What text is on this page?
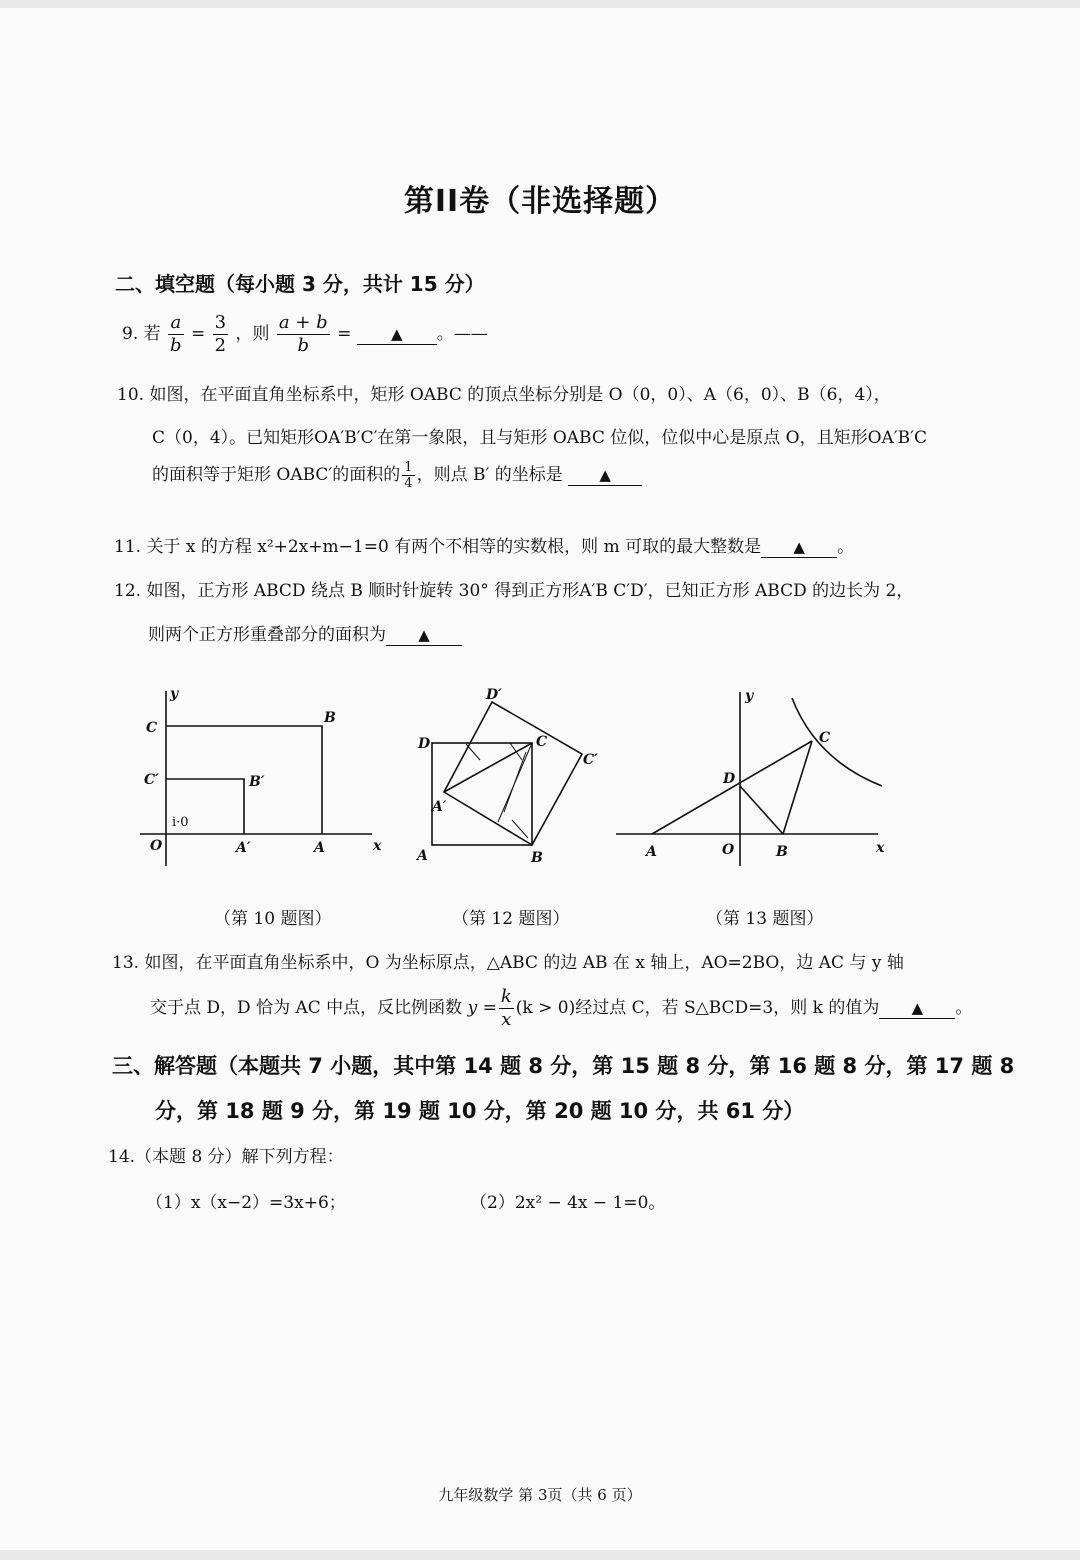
第II卷（非选择题）
二、填空题（每小题 3 分，共计 15 分）
9. 若 $\frac{a}{b} = \frac{3}{2}$ ，则 $\frac{a + b}{b}$ =	▲ 。——
10. 如图，在平面直角坐标系中，矩形 OABC 的顶点坐标分别是 O（0，0）、A（6，0）、B（6，4），
C（0，4）。已知矩形OA′B′C′在第一象限，且与矩形 OABC 位似，位似中心是原点 O，且矩形OA′B′C
的面积等于矩形 OABC′的面积的 $\frac{1}{4}$ ，则点 B′ 的坐标是 ▲
11. 关于 x 的方程 x²+2x+m−1=0 有两个不相等的实数根，则 m 可取的最大整数是 ▲ 。
12. 如图，正方形 ABCD 绕点 B 顺时针旋转 30° 得到正方形A′B C′D′，已知正方形 ABCD 的边长为 2，
则两个正方形重叠部分的面积为 ▲
y
x
O
C
B
C′	B′
A′	A
i·0
D′
D	C
C′
A′
A	B
y
x
O
A	B
C
D
（第 10 题图）	（第 12 题图）	（第 13 题图）
13. 如图，在平面直角坐标系中，O 为坐标原点，△ABC 的边 AB 在 x 轴上，AO=2BO，边 AC 与 y 轴
交于点 D，D 恰为 AC 中点，反比例函数 $y = \frac{k}{x} (k > 0)$经过点 C，若 S△BCD=3，则 k 的值为 ▲ 。
三、解答题（本题共 7 小题，其中第 14 题 8 分，第 15 题 8 分，第 16 题 8 分，第 17 题 8
分，第 18 题 9 分，第 19 题 10 分，第 20 题 10 分，共 61 分）
14.（本题 8 分）解下列方程：
（1）x（x−2）=3x+6；	（2）2x² − 4x − 1=0。
九年级数学 第 3页（共 6 页）
